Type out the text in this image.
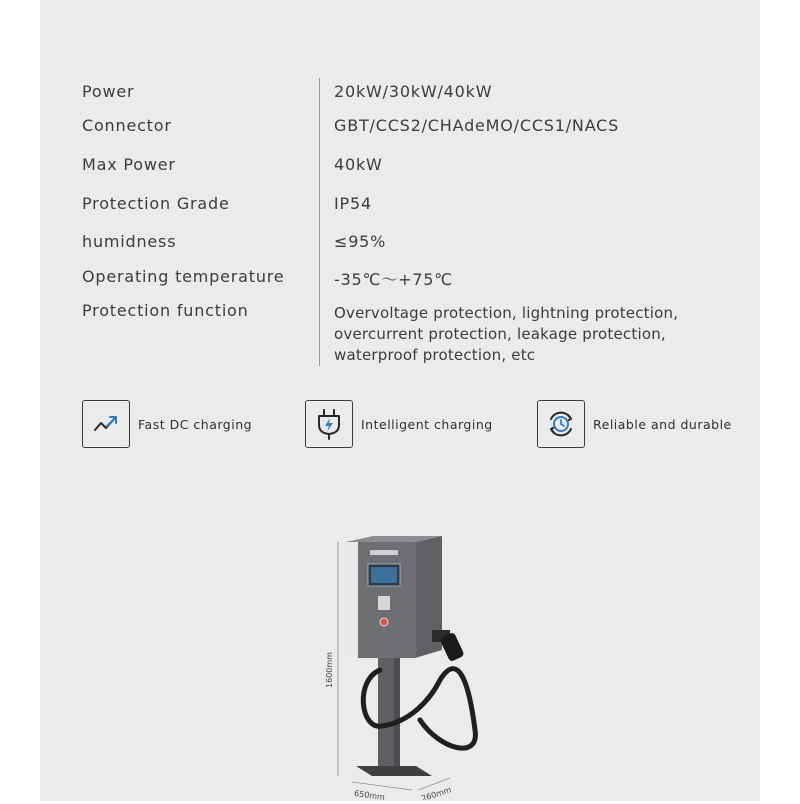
Power	20kW/30kW/40kW
Connector	GBT/CCS2/CHAdeMO/CCS1/NACS
Max Power	40kW
Protection Grade	IP54
humidness	≤95%
Operating temperature	-35℃～+75℃
Protection function	Overvoltage protection, lightning protection, overcurrent protection, leakage protection, waterproof protection, etc
Fast DC charging	Intelligent charging	Reliable and durable
1600mm
650mm	260mm
